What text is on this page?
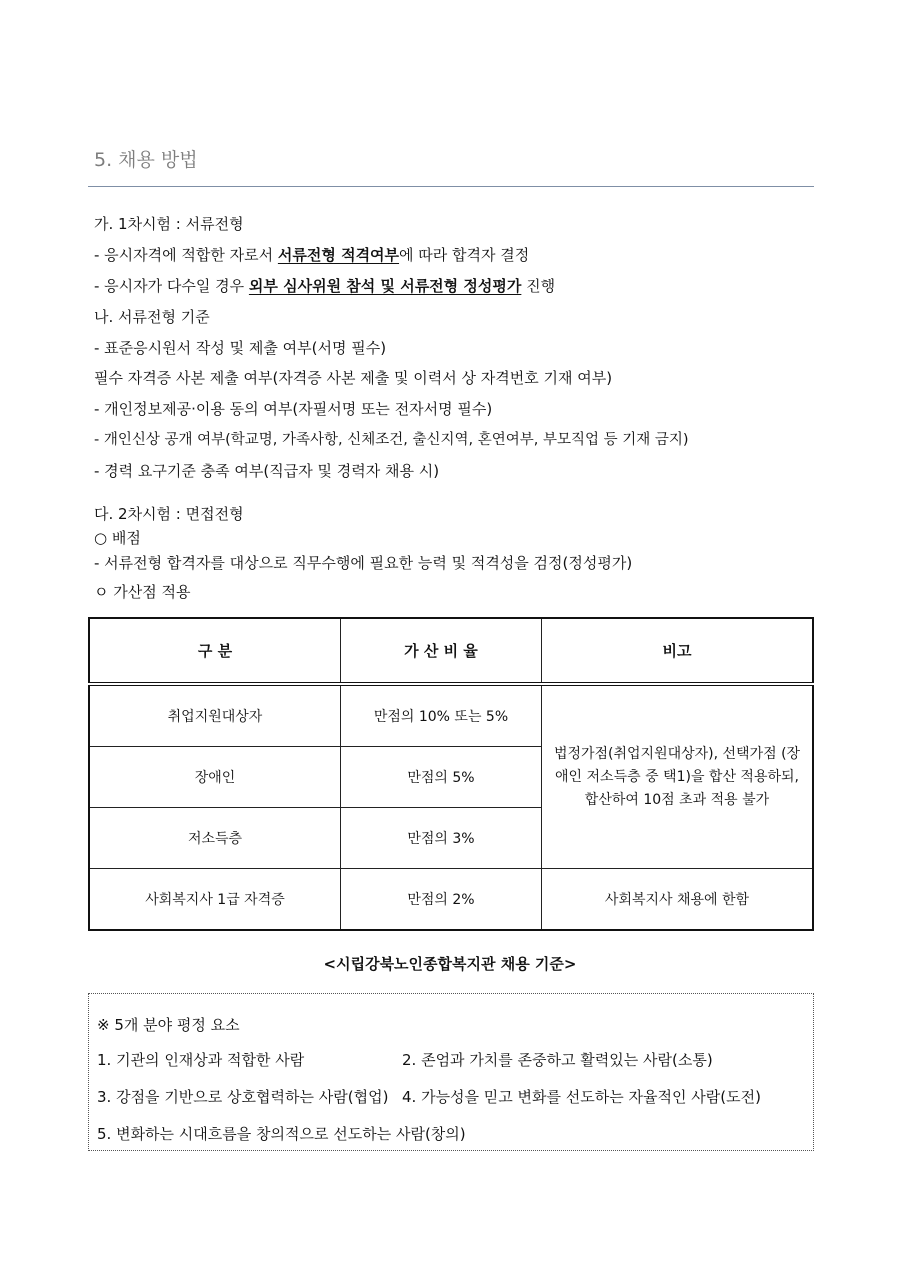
5. 채용 방법
가. 1차시험 : 서류전형
- 응시자격에 적합한 자로서 서류전형 적격여부에 따라 합격자 결정
- 응시자가 다수일 경우 외부 심사위원 참석 및 서류전형 정성평가 진행
나. 서류전형 기준
- 표준응시원서 작성 및 제출 여부(서명 필수)
필수 자격증 사본 제출 여부(자격증 사본 제출 및 이력서 상 자격번호 기재 여부)
- 개인정보제공·이용 동의 여부(자필서명 또는 전자서명 필수)
- 개인신상 공개 여부(학교명, 가족사항, 신체조건, 출신지역, 혼연여부, 부모직업 등 기재 금지)
- 경력 요구기준 충족 여부(직급자 및 경력자 채용 시)
다. 2차시험 : 면접전형
○ 배점
- 서류전형 합격자를 대상으로 직무수행에 필요한 능력 및 적격성을 검정(정성평가)
ㅇ 가산점 적용
구 분	가 산 비 율	비고
취업지원대상자	만점의 10% 또는 5%	법정가점(취업지원대상자), 선택가점 (장애인 저소득층 중 택1)을 합산 적용하되, 합산하여 10점 초과 적용 불가
장애인	만점의 5%	
저소득층	만점의 3%	
사회복지사 1급 자격증	만점의 2%	사회복지사 채용에 한함
<시립강북노인종합복지관 채용 기준>
※ 5개 분야 평정 요소
1. 기관의 인재상과 적합한 사람	2. 존엄과 가치를 존중하고 활력있는 사람(소통)
3. 강점을 기반으로 상호협력하는 사람(협업) 4. 가능성을 믿고 변화를 선도하는 자율적인 사람(도전)
5. 변화하는 시대흐름을 창의적으로 선도하는 사람(창의)
